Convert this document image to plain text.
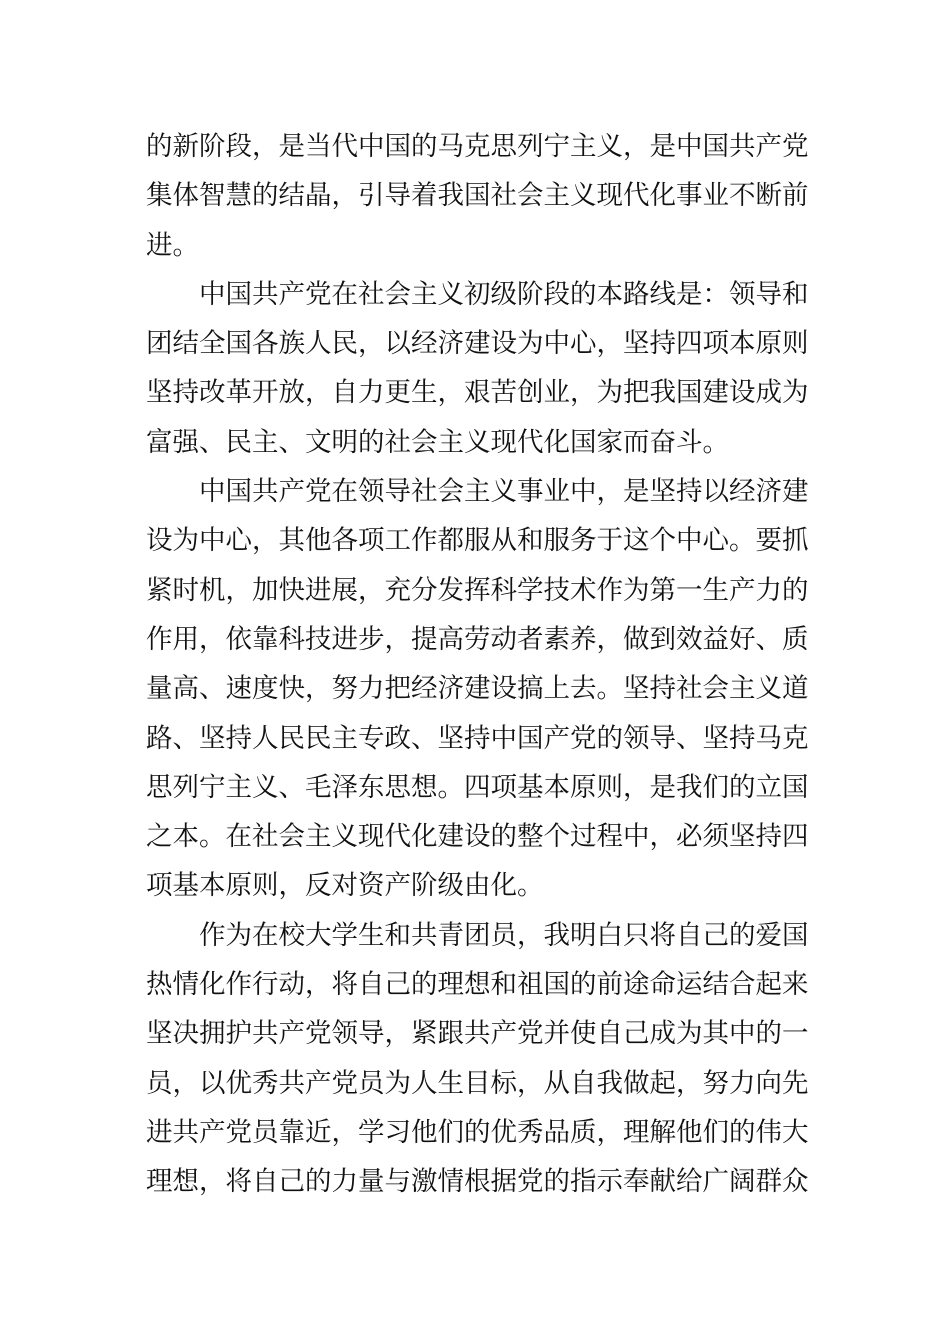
的新阶段，是当代中国的马克思列宁主义，是中国共产党
集体智慧的结晶，引导着我国社会主义现代化事业不断前
进。
中国共产党在社会主义初级阶段的本路线是：领导和
团结全国各族人民，以经济建设为中心，坚持四项本原则
坚持改革开放，自力更生，艰苦创业，为把我国建设成为
富强、民主、文明的社会主义现代化国家而奋斗。
中国共产党在领导社会主义事业中，是坚持以经济建
设为中心，其他各项工作都服从和服务于这个中心。要抓
紧时机，加快进展，充分发挥科学技术作为第一生产力的
作用，依靠科技进步，提高劳动者素养，做到效益好、质
量高、速度快，努力把经济建设搞上去。坚持社会主义道
路、坚持人民民主专政、坚持中国产党的领导、坚持马克
思列宁主义、毛泽东思想。四项基本原则，是我们的立国
之本。在社会主义现代化建设的整个过程中，必须坚持四
项基本原则，反对资产阶级由化。
作为在校大学生和共青团员，我明白只将自己的爱国
热情化作行动，将自己的理想和祖国的前途命运结合起来
坚决拥护共产党领导，紧跟共产党并使自己成为其中的一
员，以优秀共产党员为人生目标，从自我做起，努力向先
进共产党员靠近，学习他们的优秀品质，理解他们的伟大
理想，将自己的力量与激情根据党的指示奉献给广阔群众
